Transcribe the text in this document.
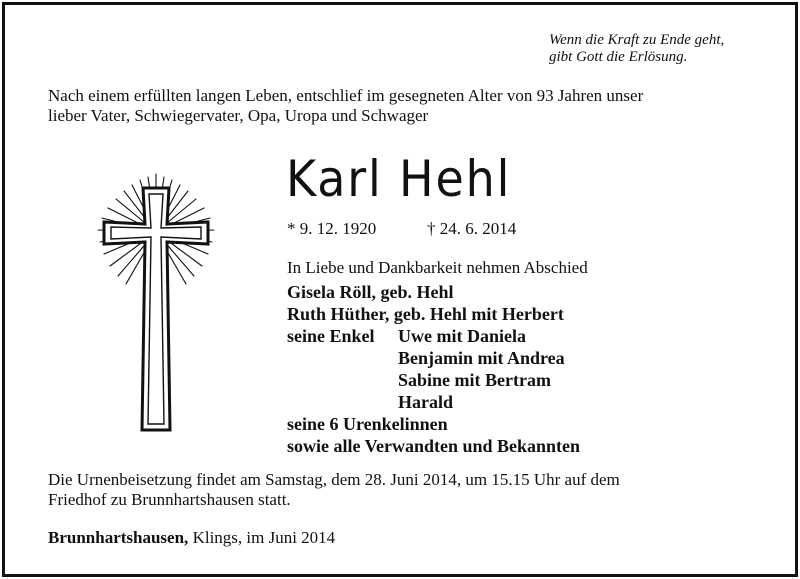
Wenn die Kraft zu Ende geht,
gibt Gott die Erlösung.
Nach einem erfüllten langen Leben, entschlief im gesegneten Alter von 93 Jahren unser
lieber Vater, Schwiegervater, Opa, Uropa und Schwager
Karl Hehl
* 9. 12. 1920	† 24. 6. 2014
In Liebe und Dankbarkeit nehmen Abschied
Gisela Röll, geb. Hehl
Ruth Hüther, geb. Hehl mit Herbert
seine Enkel Uwe mit Daniela
Benjamin mit Andrea
Sabine mit Bertram
Harald
seine 6 Urenkelinnen
sowie alle Verwandten und Bekannten
Die Urnenbeisetzung findet am Samstag, dem 28. Juni 2014, um 15.15 Uhr auf dem
Friedhof zu Brunnhartshausen statt.
Brunnhartshausen, Klings, im Juni 2014
